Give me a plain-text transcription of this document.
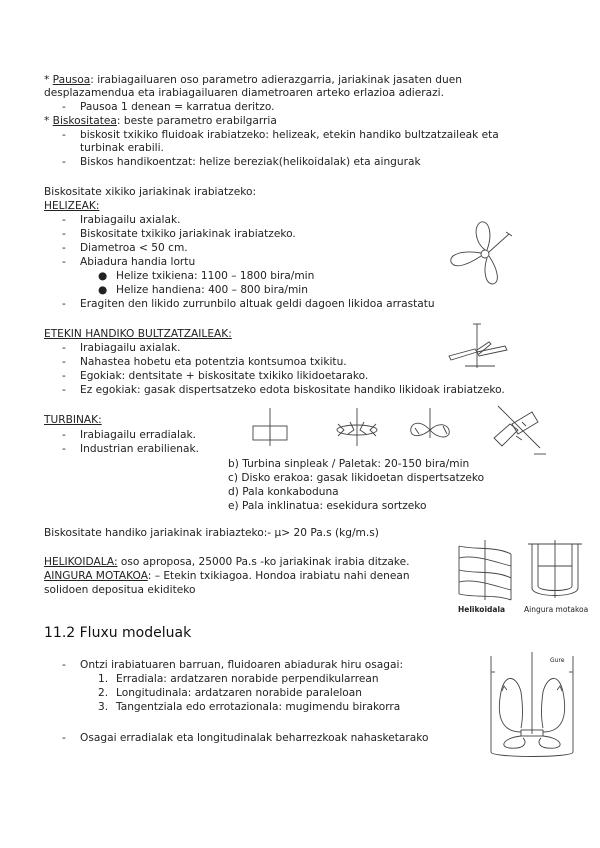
* Pausoa: irabiagailuaren oso parametro adierazgarria, jariakinak jasaten duen
desplazamenduа eta irabiagailuaren diametroaren arteko erlazioa adierazi.
- Pausoa 1 denean = karratua deritzo.
* Biskositatea: beste parametro erabilgarria
- biskosit txikiko fluidoak irabiatzeko: helizeak, etekin handiko bultzatzaileak eta
turbinak erabili.
- Biskos handikoentzat: helize bereziak(helikoidalak) eta aingurak
Biskositate xikiko jariakinak irabiatzeko:
HELIZEAK:
- Irabiagailu axialak.
- Biskositate txikiko jariakinak irabiatzeko.
- Diametroa < 50 cm.
- Abiadura handia lortu
● Helize txikiena: 1100 – 1800 bira/min
● Helize handiena: 400 – 800 bira/min
- Eragiten den likido zurrunbilo altuak geldi dagoen likidoa arrastatu
ETEKIN HANDIKO BULTZATZAILEAK:
- Irabiagailu axialak.
- Nahastea hobetu eta potentzia kontsumoa txikitu.
- Egokiak: dentsitate + biskositate txikiko likidoetarako.
- Ez egokiak: gasak dispertsatzeko edota biskositate handiko likidoak irabiatzeko.
TURBINAK:
- Irabiagailu erradialak.
- Industrian erabilienak.
b) Turbina sinpleak / Paletak: 20-150 bira/min
c) Disko erakoa: gasak likidoetan dispertsatzeko
d) Pala konkaboduna
e) Pala inklinatua: esekidura sortzeko
Biskositate handiko jariakinak irabiazteko:- µ> 20 Pa.s (kg/m.s)
HELIKOIDALA: oso aproposa, 25000 Pa.s -ko jariakinak irabia ditzake.
AINGURA MOTAKOA: – Etekin txikiagoa. Hondoa irabiatu nahi denean
solidoen depositua ekiditeko
Helikoidala	Aingura motakoa
11.2 Fluxu modeluak
- Ontzi irabiatuaren barruan, fluidoaren abiadurak hiru osagai:
1. Erradiala: ardatzaren norabide perpendikularrean
2. Longitudinala: ardatzaren norabide paraleloan
3. Tangentziala edo errotazionala: mugimendu birakorra
- Osagai erradialak eta longitudinalak beharrezkoak nahasketarako
Gure
